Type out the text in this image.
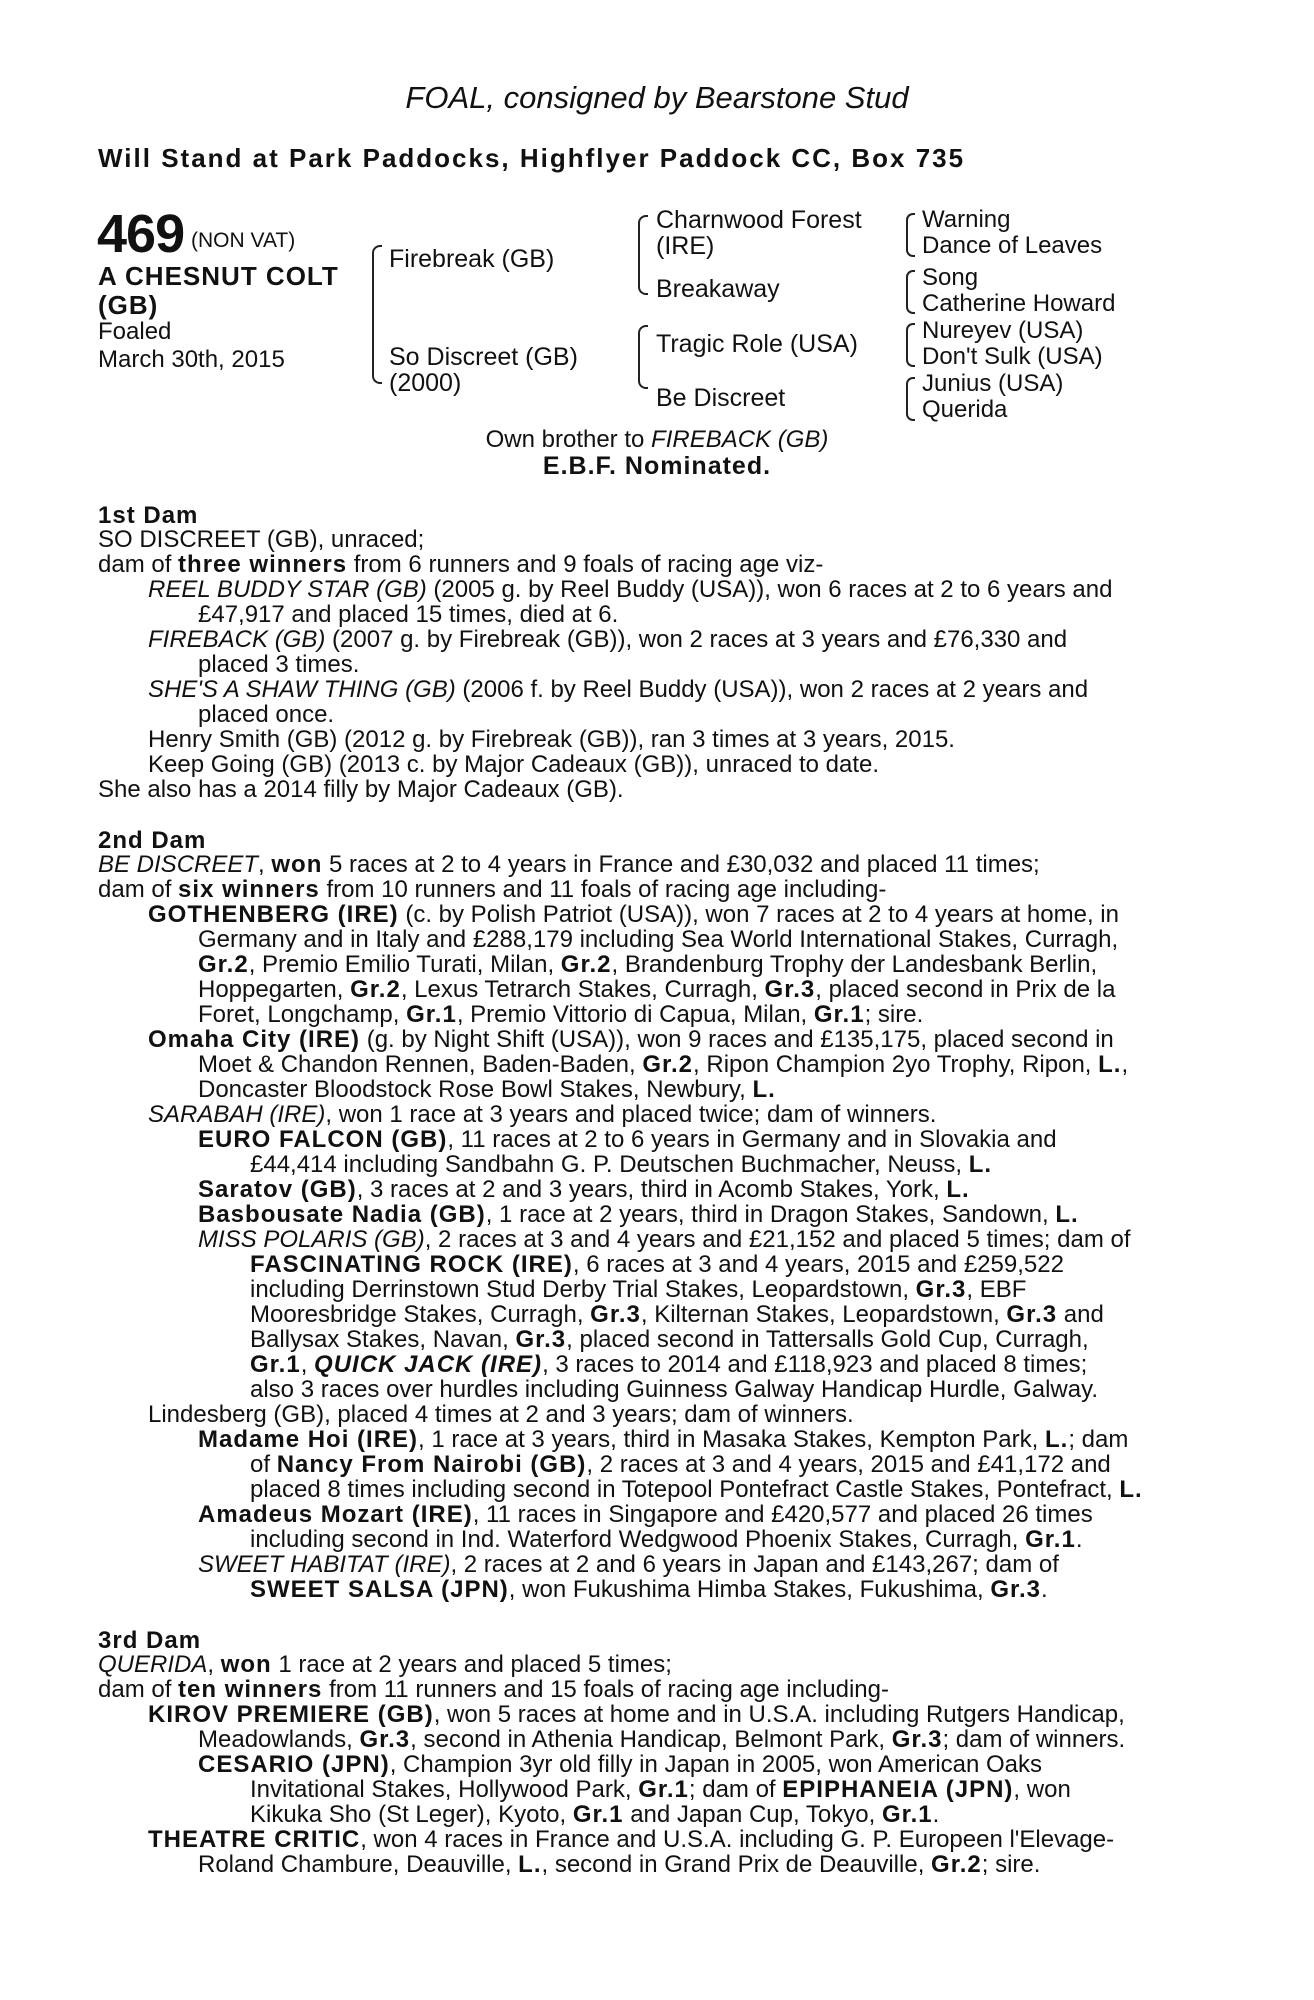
FOAL, consigned by Bearstone Stud
Will Stand at Park Paddocks, Highflyer Paddock CC, Box 735
469 (NON VAT)
A CHESNUT COLT (GB)
Foaled
March 30th, 2015
Firebreak (GB)
So Discreet (GB)
(2000)
Charnwood Forest
(IRE)
Breakaway
Tragic Role (USA)
Be Discreet
Warning
Dance of Leaves
Song
Catherine Howard
Nureyev (USA)
Don't Sulk (USA)
Junius (USA)
Querida
Own brother to FIREBACK (GB)
E.B.F. Nominated.
1st Dam
SO DISCREET (GB), unraced;
dam of three winners from 6 runners and 9 foals of racing age viz-
REEL BUDDY STAR (GB) (2005 g. by Reel Buddy (USA)), won 6 races at 2 to 6 years and
£47,917 and placed 15 times, died at 6.
FIREBACK (GB) (2007 g. by Firebreak (GB)), won 2 races at 3 years and £76,330 and
placed 3 times.
SHE'S A SHAW THING (GB) (2006 f. by Reel Buddy (USA)), won 2 races at 2 years and
placed once.
Henry Smith (GB) (2012 g. by Firebreak (GB)), ran 3 times at 3 years, 2015.
Keep Going (GB) (2013 c. by Major Cadeaux (GB)), unraced to date.
She also has a 2014 filly by Major Cadeaux (GB).
2nd Dam
BE DISCREET, won 5 races at 2 to 4 years in France and £30,032 and placed 11 times;
dam of six winners from 10 runners and 11 foals of racing age including-
GOTHENBERG (IRE) (c. by Polish Patriot (USA)), won 7 races at 2 to 4 years at home, in
Germany and in Italy and £288,179 including Sea World International Stakes, Curragh,
Gr.2, Premio Emilio Turati, Milan, Gr.2, Brandenburg Trophy der Landesbank Berlin,
Hoppegarten, Gr.2, Lexus Tetrarch Stakes, Curragh, Gr.3, placed second in Prix de la
Foret, Longchamp, Gr.1, Premio Vittorio di Capua, Milan, Gr.1; sire.
Omaha City (IRE) (g. by Night Shift (USA)), won 9 races and £135,175, placed second in
Moet & Chandon Rennen, Baden-Baden, Gr.2, Ripon Champion 2yo Trophy, Ripon, L.,
Doncaster Bloodstock Rose Bowl Stakes, Newbury, L.
SARABAH (IRE), won 1 race at 3 years and placed twice; dam of winners.
EURO FALCON (GB), 11 races at 2 to 6 years in Germany and in Slovakia and
£44,414 including Sandbahn G. P. Deutschen Buchmacher, Neuss, L.
Saratov (GB), 3 races at 2 and 3 years, third in Acomb Stakes, York, L.
Basbousate Nadia (GB), 1 race at 2 years, third in Dragon Stakes, Sandown, L.
MISS POLARIS (GB), 2 races at 3 and 4 years and £21,152 and placed 5 times; dam of
FASCINATING ROCK (IRE), 6 races at 3 and 4 years, 2015 and £259,522
including Derrinstown Stud Derby Trial Stakes, Leopardstown, Gr.3, EBF
Mooresbridge Stakes, Curragh, Gr.3, Kilternan Stakes, Leopardstown, Gr.3 and
Ballysax Stakes, Navan, Gr.3, placed second in Tattersalls Gold Cup, Curragh,
Gr.1, QUICK JACK (IRE), 3 races to 2014 and £118,923 and placed 8 times;
also 3 races over hurdles including Guinness Galway Handicap Hurdle, Galway.
Lindesberg (GB), placed 4 times at 2 and 3 years; dam of winners.
Madame Hoi (IRE), 1 race at 3 years, third in Masaka Stakes, Kempton Park, L.; dam
of Nancy From Nairobi (GB), 2 races at 3 and 4 years, 2015 and £41,172 and
placed 8 times including second in Totepool Pontefract Castle Stakes, Pontefract, L.
Amadeus Mozart (IRE), 11 races in Singapore and £420,577 and placed 26 times
including second in Ind. Waterford Wedgwood Phoenix Stakes, Curragh, Gr.1.
SWEET HABITAT (IRE), 2 races at 2 and 6 years in Japan and £143,267; dam of
SWEET SALSA (JPN), won Fukushima Himba Stakes, Fukushima, Gr.3.
3rd Dam
QUERIDA, won 1 race at 2 years and placed 5 times;
dam of ten winners from 11 runners and 15 foals of racing age including-
KIROV PREMIERE (GB), won 5 races at home and in U.S.A. including Rutgers Handicap,
Meadowlands, Gr.3, second in Athenia Handicap, Belmont Park, Gr.3; dam of winners.
CESARIO (JPN), Champion 3yr old filly in Japan in 2005, won American Oaks
Invitational Stakes, Hollywood Park, Gr.1; dam of EPIPHANEIA (JPN), won
Kikuka Sho (St Leger), Kyoto, Gr.1 and Japan Cup, Tokyo, Gr.1.
THEATRE CRITIC, won 4 races in France and U.S.A. including G. P. Europeen l'Elevage-
Roland Chambure, Deauville, L., second in Grand Prix de Deauville, Gr.2; sire.
